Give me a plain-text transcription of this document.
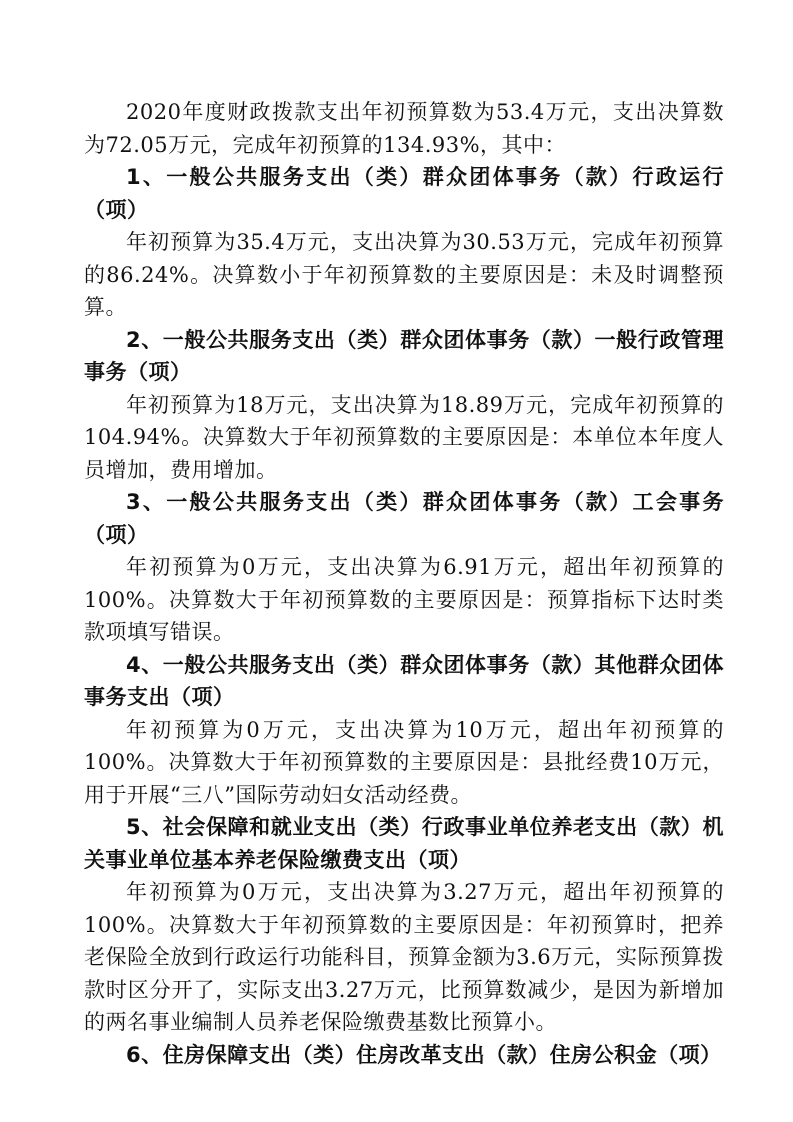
2020年度财政拨款支出年初预算数为53.4万元，支出决算数为72.05万元，完成年初预算的134.93%，其中：

1、一般公共服务支出（类）群众团体事务（款）行政运行（项）

年初预算为35.4万元，支出决算为30.53万元，完成年初预算的86.24%。决算数小于年初预算数的主要原因是：未及时调整预算。

2、一般公共服务支出（类）群众团体事务（款）一般行政管理事务（项）

年初预算为18万元，支出决算为18.89万元，完成年初预算的104.94%。决算数大于年初预算数的主要原因是：本单位本年度人员增加，费用增加。

3、一般公共服务支出（类）群众团体事务（款）工会事务（项）

年初预算为0万元，支出决算为6.91万元，超出年初预算的100%。决算数大于年初预算数的主要原因是：预算指标下达时类款项填写错误。

4、一般公共服务支出（类）群众团体事务（款）其他群众团体事务支出（项）

年初预算为0万元，支出决算为10万元，超出年初预算的100%。决算数大于年初预算数的主要原因是：县批经费10万元，用于开展“三八”国际劳动妇女活动经费。

5、社会保障和就业支出（类）行政事业单位养老支出（款）机关事业单位基本养老保险缴费支出（项）

年初预算为0万元，支出决算为3.27万元，超出年初预算的100%。决算数大于年初预算数的主要原因是：年初预算时，把养老保险全放到行政运行功能科目，预算金额为3.6万元，实际预算拨款时区分开了，实际支出3.27万元，比预算数减少，是因为新增加的两名事业编制人员养老保险缴费基数比预算小。

6、住房保障支出（类）住房改革支出（款）住房公积金（项）
